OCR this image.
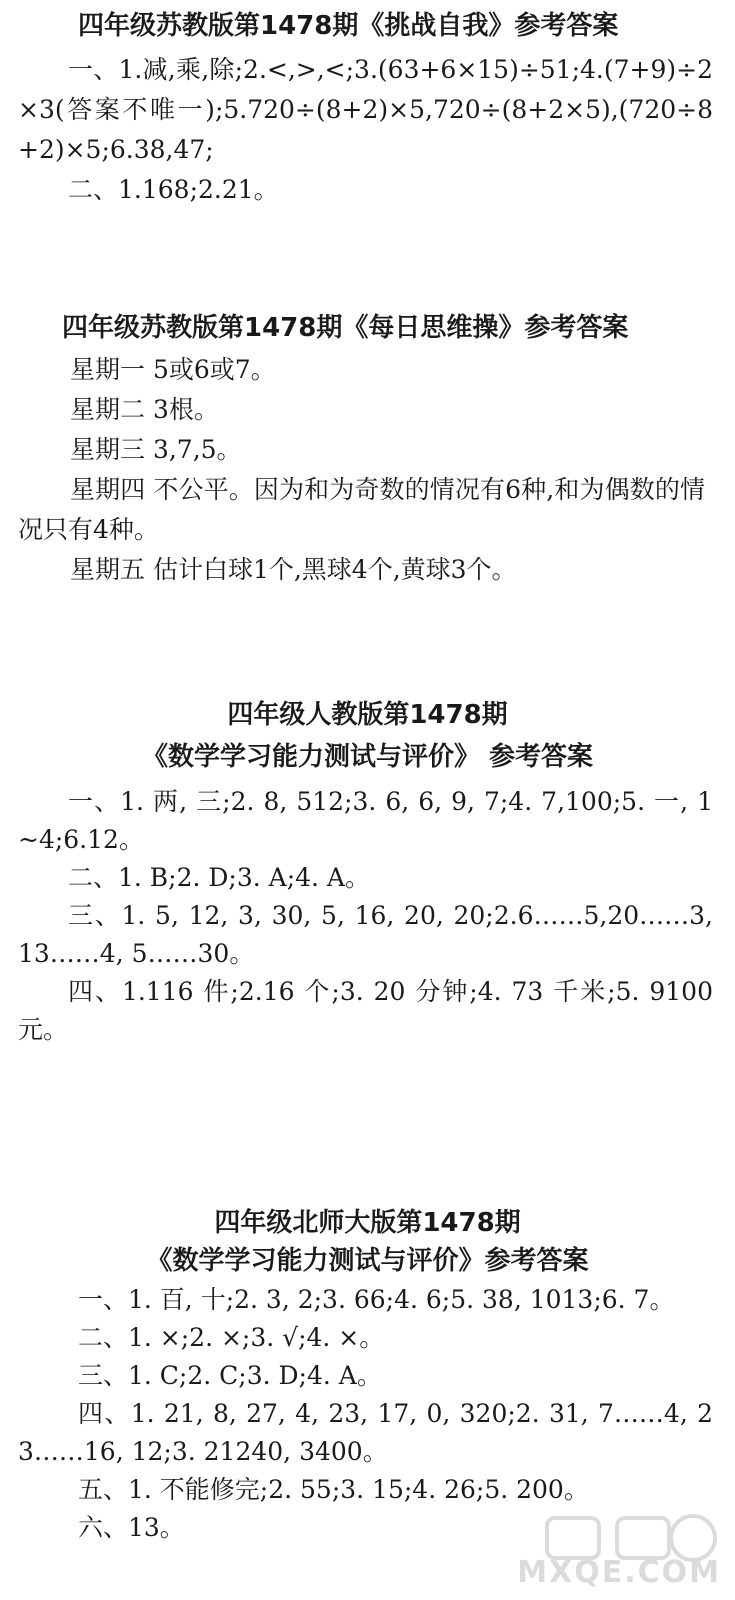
四年级苏教版第1478期《挑战自我》参考答案

一、1.减,乘,除;2.<,>,<;3.(63+6×15)÷51;4.(7+9)÷2×3(答案不唯一);5.720÷(8+2)×5,720÷(8+2×5),(720÷8+2)×5;6.38,47;

二、1.168;2.21。

四年级苏教版第1478期《每日思维操》参考答案

星期一 5或6或7。

星期二 3根。

星期三 3,7,5。

星期四 不公平。因为和为奇数的情况有6种,和为偶数的情况只有4种。

星期五 估计白球1个,黑球4个,黄球3个。

四年级人教版第1478期
《数学学习能力测试与评价》 参考答案

一、1. 两, 三;2. 8, 512;3. 6, 6, 9, 7;4. 7,100;5. 一, 1~4;6.12。

二、1. B;2. D;3. A;4. A。

三、1. 5, 12, 3, 30, 5, 16, 20, 20;2.6……5,20……3, 13……4, 5……30。

四、1.116 件;2.16 个;3. 20 分钟;4. 73 千米;5. 9100 元。

四年级北师大版第1478期
《数学学习能力测试与评价》参考答案

一、1. 百, 十;2. 3, 2;3. 66;4. 6;5. 38, 1013;6. 7。

二、1. ×;2. ×;3. √;4. ×。

三、1. C;2. C;3. D;4. A。

四、1. 21, 8, 27, 4, 23, 17, 0, 320;2. 31, 7……4, 23……16, 12;3. 21240, 3400。

五、1. 不能修完;2. 55;3. 15;4. 26;5. 200。

六、13。

MXQE.COM
